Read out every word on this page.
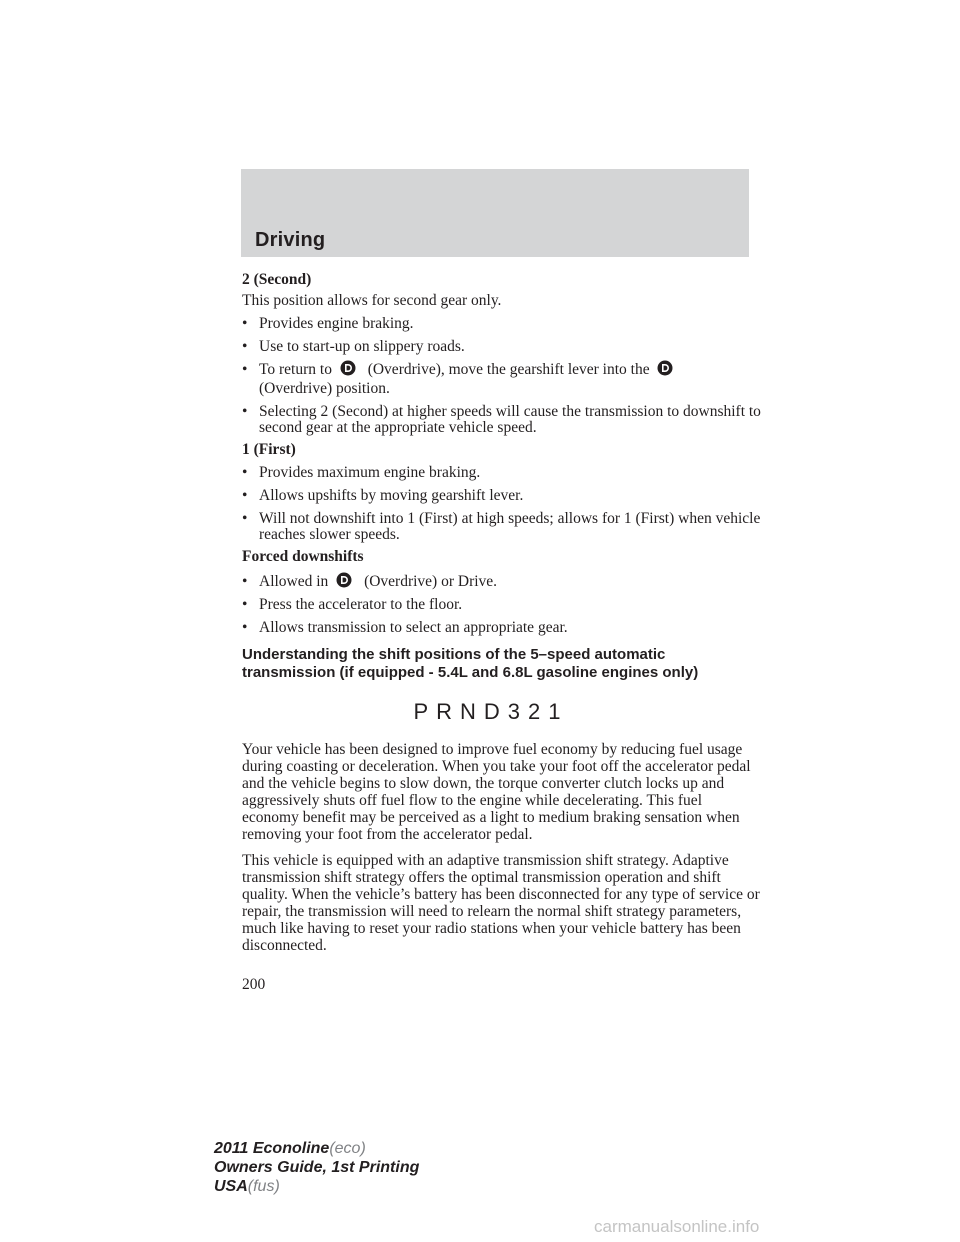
Driving

2 (Second)

This position allows for second gear only.

• Provides engine braking.
• Use to start-up on slippery roads.
• To return to (Overdrive), move the gearshift lever into the
(Overdrive) position.
• Selecting 2 (Second) at higher speeds will cause the transmission to downshift to second gear at the appropriate vehicle speed.

1 (First)

• Provides maximum engine braking.
• Allows upshifts by moving gearshift lever.
• Will not downshift into 1 (First) at high speeds; allows for 1 (First) when vehicle reaches slower speeds.

Forced downshifts

• Allowed in (Overdrive) or Drive.
• Press the accelerator to the floor.
• Allows transmission to select an appropriate gear.

Understanding the shift positions of the 5–speed automatic transmission (if equipped - 5.4L and 6.8L gasoline engines only)

PRND321

Your vehicle has been designed to improve fuel economy by reducing fuel usage during coasting or deceleration. When you take your foot off the accelerator pedal and the vehicle begins to slow down, the torque converter clutch locks up and aggressively shuts off fuel flow to the engine while decelerating. This fuel economy benefit may be perceived as a light to medium braking sensation when removing your foot from the accelerator pedal.

This vehicle is equipped with an adaptive transmission shift strategy. Adaptive transmission shift strategy offers the optimal transmission operation and shift quality. When the vehicle’s battery has been disconnected for any type of service or repair, the transmission will need to relearn the normal shift strategy parameters, much like having to reset your radio stations when your vehicle battery has been disconnected.

200
2011 Econoline(eco)
Owners Guide, 1st Printing
USA(fus)
carmanualsonline.info
